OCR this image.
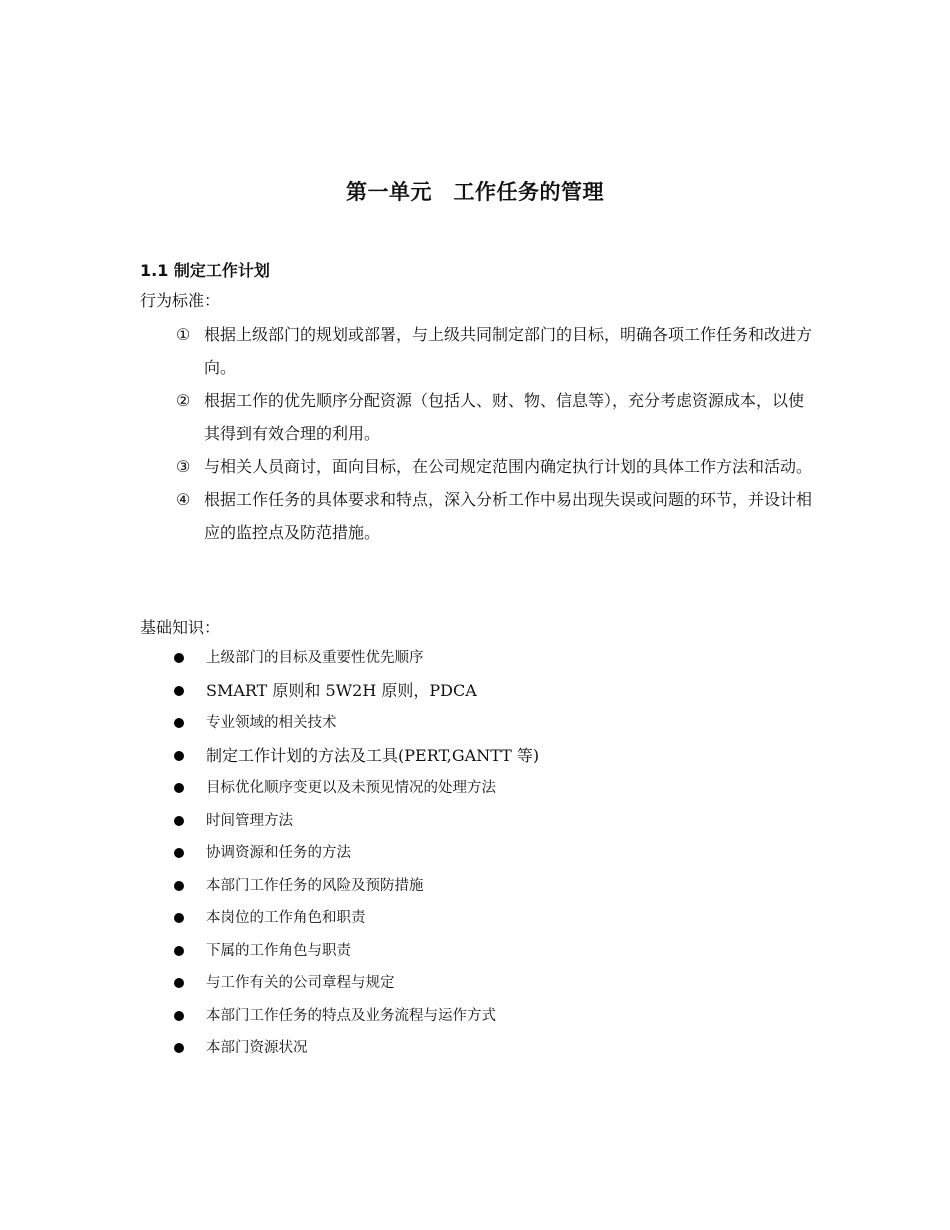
第一单元　工作任务的管理
1.1 制定工作计划
行为标准：
① 根据上级部门的规划或部署，与上级共同制定部门的目标，明确各项工作任务和改进方向。
② 根据工作的优先顺序分配资源（包括人、财、物、信息等），充分考虑资源成本，以使其得到有效合理的利用。
③ 与相关人员商讨，面向目标，在公司规定范围内确定执行计划的具体工作方法和活动。
④ 根据工作任务的具体要求和特点，深入分析工作中易出现失误或问题的环节，并设计相应的监控点及防范措施。
基础知识：
上级部门的目标及重要性优先顺序
SMART 原则和 5W2H 原则，PDCA
专业领域的相关技术
制定工作计划的方法及工具(PERT,GANTT 等)
目标优化顺序变更以及未预见情况的处理方法
时间管理方法
协调资源和任务的方法
本部门工作任务的风险及预防措施
本岗位的工作角色和职责
下属的工作角色与职责
与工作有关的公司章程与规定
本部门工作任务的特点及业务流程与运作方式
本部门资源状况
